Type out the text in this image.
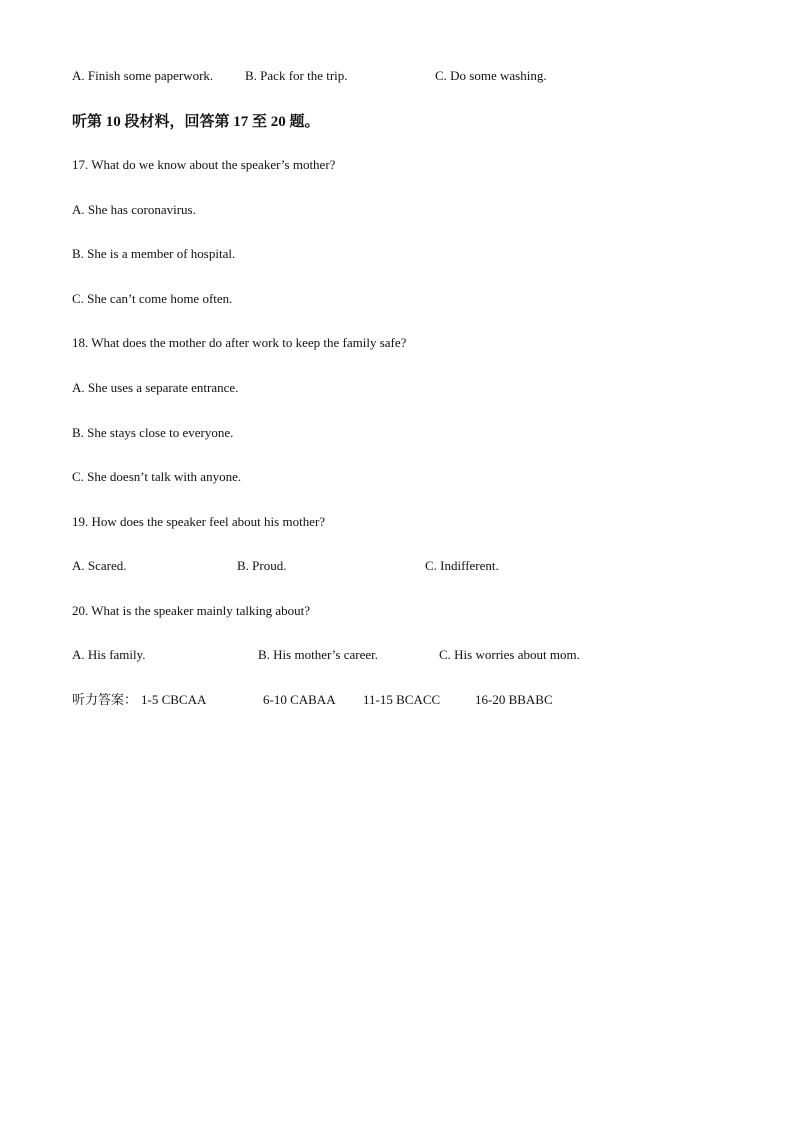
A. Finish some paperwork. B. Pack for the trip.	C. Do some washing.
听第 10 段材料，回答第 17 至 20 题。
17. What do we know about the speaker’s mother?
A. She has coronavirus.
B. She is a member of hospital.
C. She can’t come home often.
18. What does the mother do after work to keep the family safe?
A. She uses a separate entrance.
B. She stays close to everyone.
C. She doesn’t talk with anyone.
19. How does the speaker feel about his mother?
A. Scared.	B. Proud.	C. Indifferent.
20. What is the speaker mainly talking about?
A. His family.	B. His mother’s career.	C. His worries about mom.
听力答案： 1-5 CBCAA	6-10 CABAA 11-15 BCACC	16-20 BBABC
